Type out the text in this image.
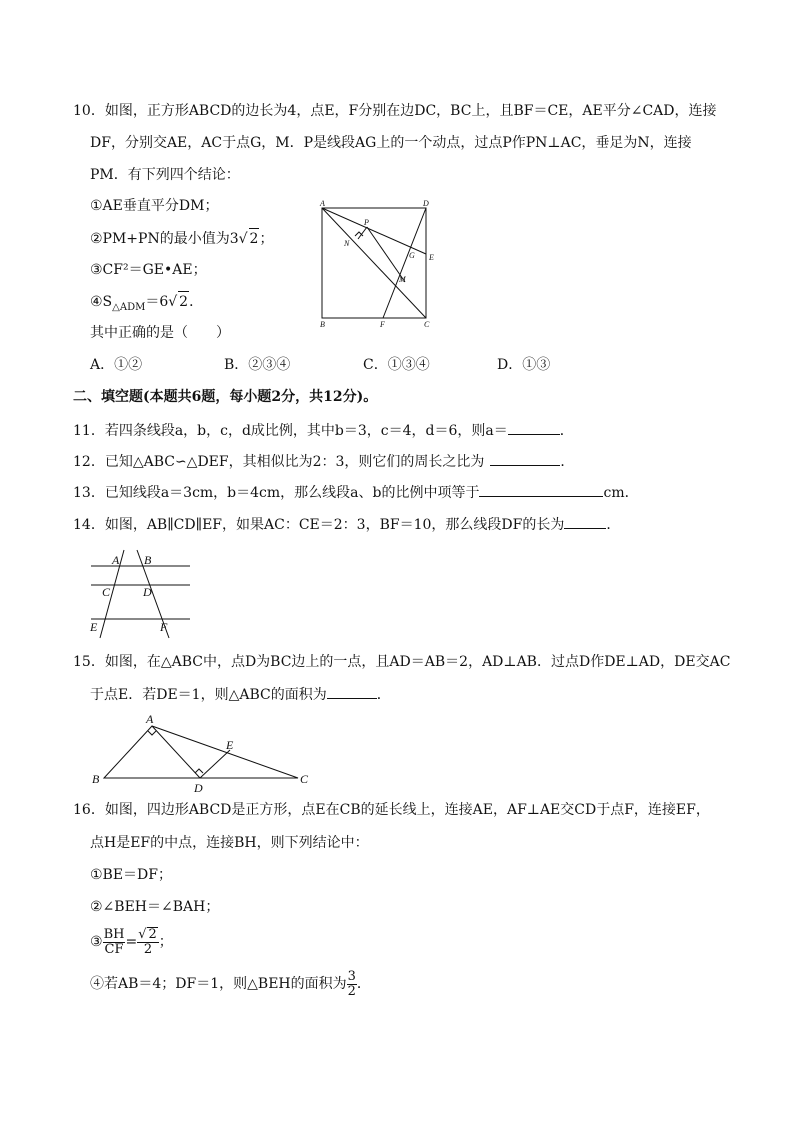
10．如图，正方形ABCD的边长为4，点E，F分别在边DC，BC上，且BF＝CE，AE平分∠CAD，连接
DF，分别交AE，AC于点G，M．P是线段AG上的一个动点，过点P作PN⊥AC，垂足为N，连接
PM．有下列四个结论：
①AE垂直平分DM；
②PM+PN的最小值为3√ 2；
③CF²＝GE•AE；
$④S_{\triangle ADM}=6√$ 2．
其中正确的是（　　）
A	D
B	C
P
N
G E
M
F
A．①②	B．②③④	C．①③④	D．①③
二、填空题(本题共6题，每小题2分，共12分)。
11．若四条线段a，b，c，d成比例，其中b＝3，c＝4，d＝6，则a＝	．
12．已知△ABC∽△DEF，其相似比为2：3，则它们的周长之比为	．
13．已知线段a＝3cm，b＝4cm，那么线段a、b的比例中项等于	cm．
14．如图，AB∥CD∥EF，如果AC：CE＝2：3，BF＝10，那么线段DF的长为	．
A B
C	D
E	F
15．如图，在△ABC中，点D为BC边上的一点，且AD＝AB＝2，AD⊥AB．过点D作DE⊥AD，DE交AC
于点E．若DE＝1，则△ABC的面积为	．
A
B	C
D
E
16．如图，四边形ABCD是正方形，点E在CB的延长线上，连接AE，AF⊥AE交CD于点F，连接EF，
点H是EF的中点，连接BH，则下列结论中：
①BE＝DF；
②∠BEH＝∠BAH；
③ $\frac{BH}{CF} = \frac{√ 2}{2}$ ；
④若AB＝4；DF＝1，则△BEH的面积为 $\frac{3}{2}$ ．
